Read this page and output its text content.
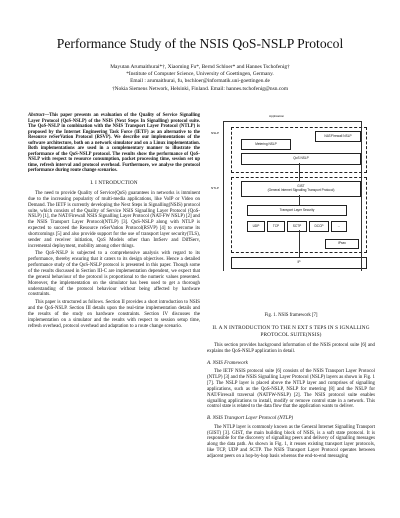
Performance Study of the NSIS QoS-NSLP Protocol
Mayutan Arumaithurai*†, Xiaoming Fu*, Bernd Schloer* and Hannes Tschofenig†
*Institute of Computer Science, University of Goettingen, Germany.
Email : arumaithurai, fu, bschloer@informatik.uni-goettingen.de
†Nokia Siemens Network, Helsinki, Finland. Email: hannes.tschofenig@nsn.com
Abstract—This paper presents an evaluation of the Quality of Service Signalling Layer Protocol (QoS-NSLP) of the NSIS (Next Steps In Signalling) protocol suite. The QoS-NSLP in combination with the NSIS Transport Layer Protocol (NTLP) is proposed by the Internet Engineering Task Force (IETF) as an alternative to the Resource reSerVation Protocol (RSVP). We describe our implementations of the software architecture, both on a network simulator and on a Linux implementation. Both implementations are used in a complementary manner to illustrate the performance of the QoS-NSLP protocol. The results show the performance of QoS-NSLP with respect to resource consumption, packet processing time, session set up time, refresh interval and protocol overhead. Furthermore, we analyse the protocol performance during route change scenarios.
I. I NTRODUCTION

The need to provide Quality of Service(QoS) guarantees in networks is imminent due to the increasing popularity of multi-media applications, like VoIP or Video on Demand. The IETF is currently developing the Next Steps in Signalling(NSIS) protocol suite, which consists of the Quality of Service NSIS Signalling Layer Protocol (QoS-NSLP) [1], the NAT/Firewall NSIS Signalling Layer Protocol (NAT-FW NSLP) [2] and the NSIS Transport Layer Protocol(NTLP) [3]. QoS-NSLP along with NTLP is expected to succeed the Resource reSerVation Protocol(RSVP) [4] to overcome its shortcomings [5] and also provide support for the use of transport layer security(TLS), sender and receiver initiation, QoS Models other than IntServ and DiffServ, incremental deployment, mobility among other things.

The QoS-NSLP is subjected to a comprehensive analysis with regard to its performance, thereby ensuring that it caters to its design objectives. Hence a detailed performance study of the QoS-NSLP protocol is presented in this paper. Though some of the results discussed in Section III-C are implementation dependent, we expect that the general behaviour of the protocol is proportional to the numeric values presented. Moreover, the implementation on the simulator has been used to get a thorough understanding of the protocol behaviour without being affected by hardware constraints.

This paper is structured as follows. Section II provides a short introduction to NSIS and the QoS-NSLP. Section III details upon the real-time implementation details and the results of the study on hardware constraints. Section IV discusses the implementation on a simulator and the results with respect to session setup time, refresh overhead, protocol overhead and adaptation to a route change scenario.

Application
NSLP
NAT/Firewall NSLP
Metering NSLP
QoS NSLP
NTLP	GIST
(General Internet Signalling Transport Protocol)
Transport Layer Security
UDP	TCP	SCTP	DCCP	...
IP
IPsec
Fig. 1. NSIS framework [7]
II. A N INTRODUCTION TO THE N EXT S TEPS IN S IGNALLING PROTOCOL SUITE(NSIS)

This section provides background information of the NSIS protocol suite [6] and explains the QoS-NSLP application in detail.

A. NSIS Framework

The IETF NSIS protocol suite [6] consists of the NSIS Transport Layer Protocol (NTLP) [3] and the NSIS Signalling Layer Protocol (NSLP) layers as shown in Fig. 1 [7]. The NSLP layer is placed above the NTLP layer and comprises of signalling applications, such as the QoS-NSLP, NSLP for metering [8] and the NSLP for NAT/Firewall traversal (NATFW-NSLP) [2]. The NSIS protocol suite enables signalling applications to install, modify or remove control state in a network. This control state is related to the data flow that the application wants to deliver.

B. NSIS Transport Layer Protocol (NTLP)

The NTLP layer is commonly known as the General Internet Signalling Transport (GIST) [3]. GIST, the main building block of NSIS, is a soft state protocol. It is responsible for the discovery of signalling peers and delivery of signalling messages along the data path. As shown in Fig. 1, it reuses existing transport layer protocols, like TCP, UDP and SCTP. The NSIS Transport Layer Protocol operates between adjacent peers on a hop-by-hop basis whereas the end-to-end messaging
